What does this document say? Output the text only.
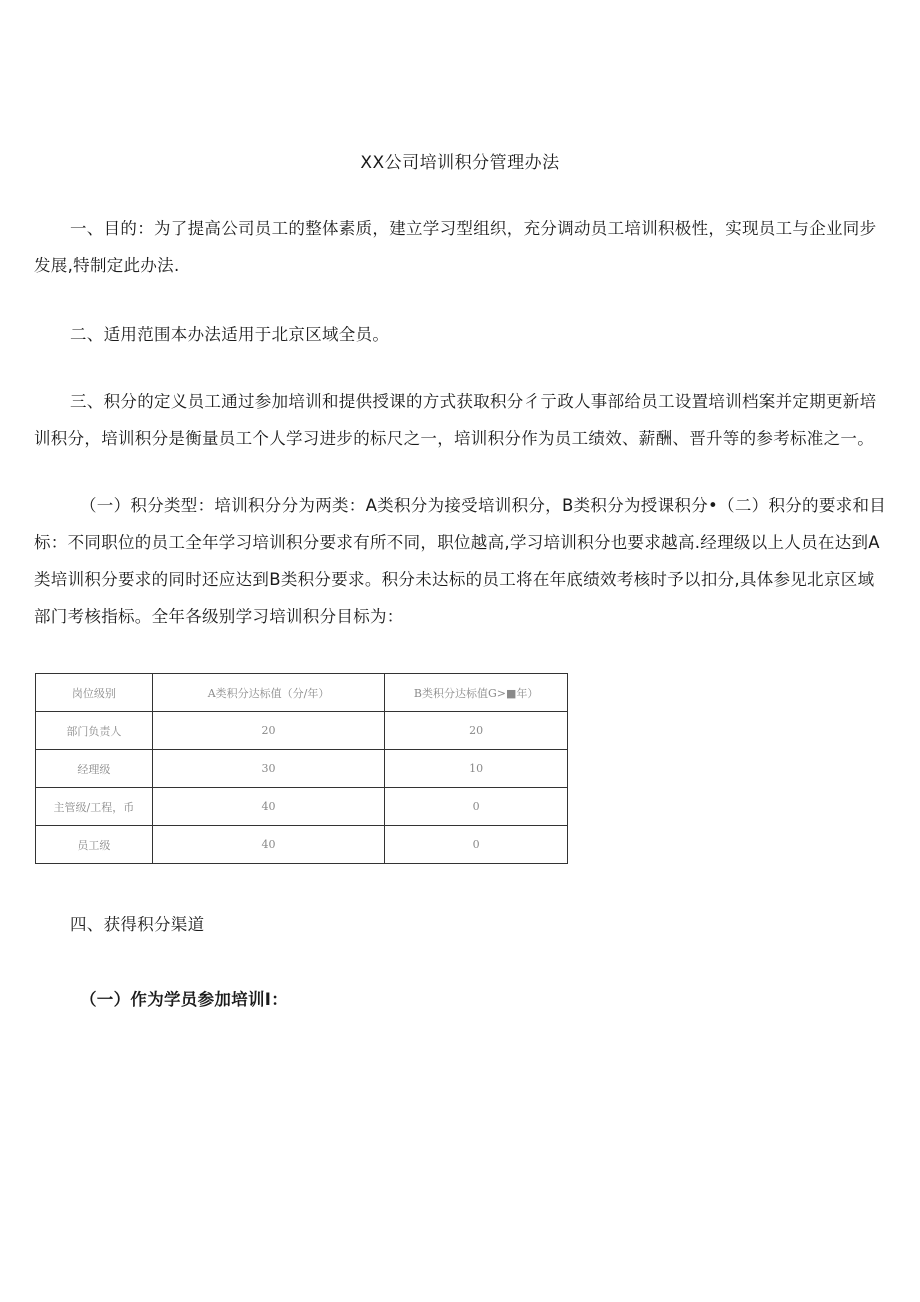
XX公司培训积分管理办法

一、目的：为了提高公司员工的整体素质，建立学习型组织，充分调动员工培训积极性，实现员工与企业同步发展,特制定此办法.

二、适用范围本办法适用于北京区域全员。

三、积分的定义员工通过参加培训和提供授课的方式获取积分彳亍政人事部给员工设置培训档案并定期更新培训积分，培训积分是衡量员工个人学习进步的标尺之一，培训积分作为员工绩效、薪酬、晋升等的参考标准之一。

（一）积分类型：培训积分分为两类：A类积分为接受培训积分，B类积分为授课积分•（二）积分的要求和目标：不同职位的员工全年学习培训积分要求有所不同，职位越高,学习培训积分也要求越高.经理级以上人员在达到A类培训积分要求的同时还应达到B类积分要求。积分未达标的员工将在年底绩效考核时予以扣分,具体参见北京区域部门考核指标。全年各级别学习培训积分目标为：

岗位级别	A类积分达标值（分/年）	B类积分达标值G>■年）
部门负责人	20	20
经理级	30	10
主管级/工程，币	40	0
员工级	40	0

四、获得积分渠道

（一）作为学员参加培训Ⅰ：
